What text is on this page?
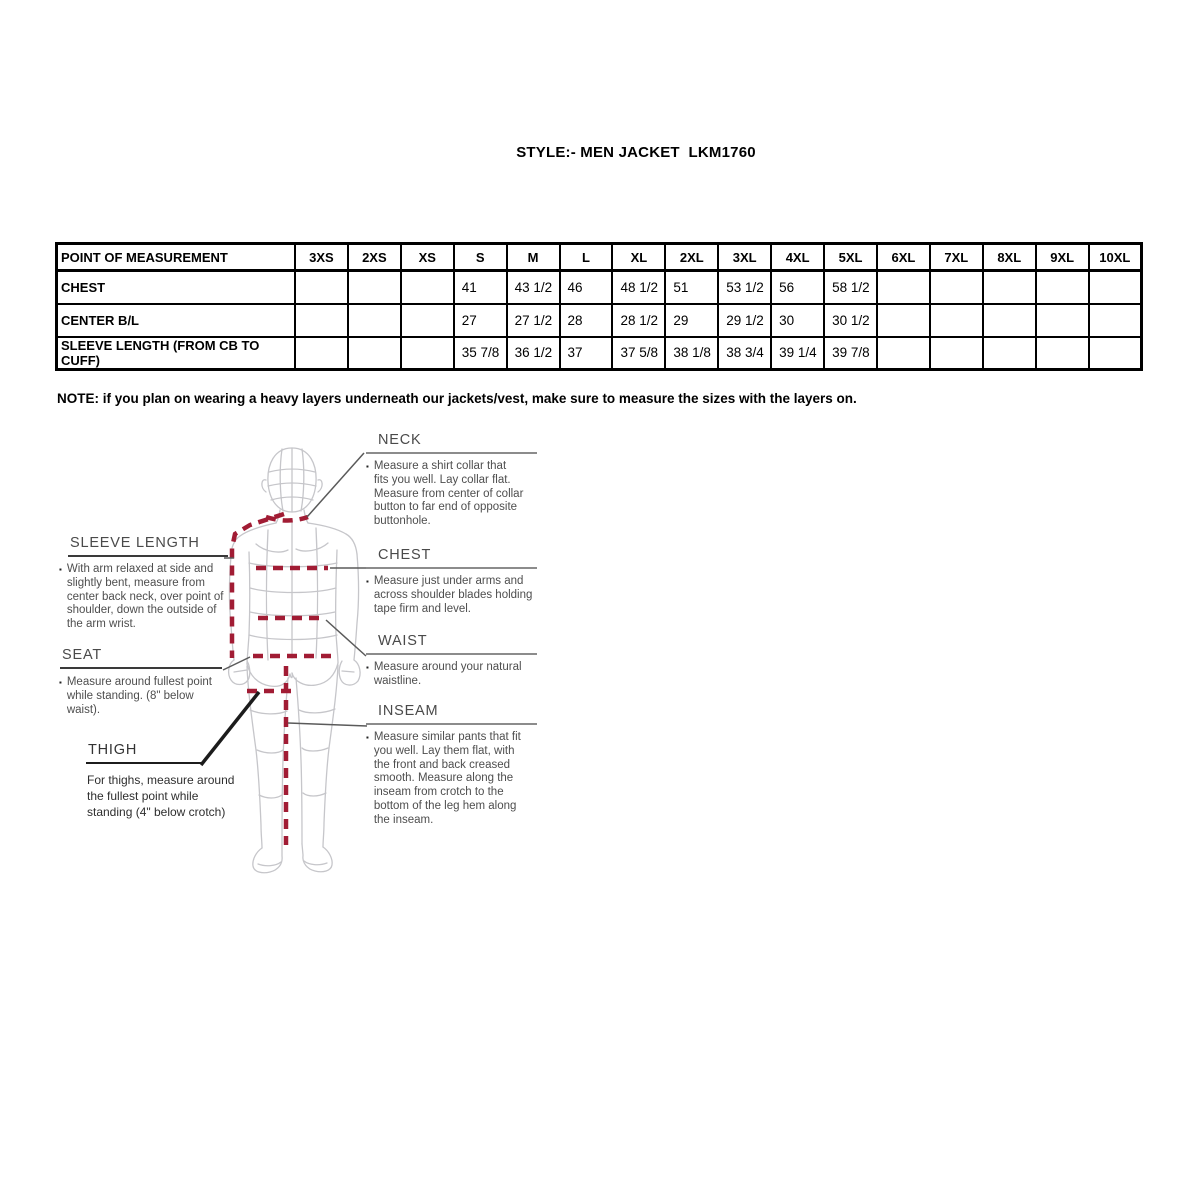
STYLE:- MEN JACKET  LKM1760
POINT OF MEASUREMENT	3XS	2XS	XS	S	M	L	XL	2XL	3XL	4XL	5XL	6XL	7XL	8XL	9XL	10XL
CHEST				41	43 1/2	46	48 1/2	51	53 1/2	56	58 1/2					
CENTER B/L				27	27 1/2	28	28 1/2	29	29 1/2	30	30 1/2					
SLEEVE LENGTH (FROM CB TO CUFF)				35 7/8	36 1/2	37	37 5/8	38 1/8	38 3/4	39 1/4	39 7/8					
NOTE: if you plan on wearing a heavy layers underneath our jackets/vest, make sure to measure the sizes with the layers on.
NECK
▪ Measure a shirt collar that fits you well. Lay collar flat. Measure from center of collar button to far end of opposite buttonhole.
CHEST
▪ Measure just under arms and across shoulder blades holding tape firm and level.
WAIST
▪ Measure around your natural waistline.
INSEAM
▪ Measure similar pants that fit you well. Lay them flat, with the front and back creased smooth. Measure along the inseam from crotch to the bottom of the leg hem along the inseam.
SLEEVE LENGTH
▪ With arm relaxed at side and slightly bent, measure from center back neck, over point of shoulder, down the outside of the arm wrist.
SEAT
▪ Measure around fullest point while standing. (8" below waist).
THIGH
For thighs, measure around the fullest point while standing (4" below crotch)
